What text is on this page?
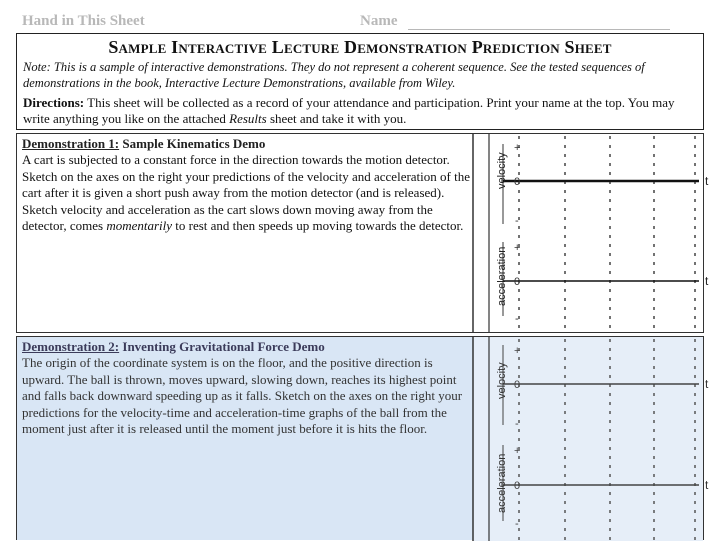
Hand in This Sheet	Name
Sample Interactive Lecture Demonstration Prediction Sheet
Note: This is a sample of interactive demonstrations. They do not represent a coherent sequence. See the tested sequences of demonstrations in the book, Interactive Lecture Demonstrations, available from Wiley.
Directions: This sheet will be collected as a record of your attendance and participation. Print your name at the top. You may write anything you like on the attached Results sheet and take it with you.
Demonstration 1: Sample Kinematics Demo
A cart is subjected to a constant force in the direction towards the motion detector. Sketch on the axes on the right your predictions of the velocity and acceleration of the cart after it is given a short push away from the motion detector (and is released). Sketch velocity and acceleration as the cart slows down moving away from the detector, comes momentarily to rest and then speeds up moving towards the detector.
velocity
+
0
-
t
acceleration +
0
-
t
Demonstration 2: Inventing Gravitational Force Demo
The origin of the coordinate system is on the floor, and the positive direction is upward. The ball is thrown, moves upward, slowing down, reaches its highest point and falls back downward speeding up as it falls. Sketch on the axes on the right your predictions for the velocity-time and acceleration-time graphs of the ball from the moment just after it is released until the moment just before it is hits the floor.
velocity
+
0
-
t
acceleration
+
0
-
t
